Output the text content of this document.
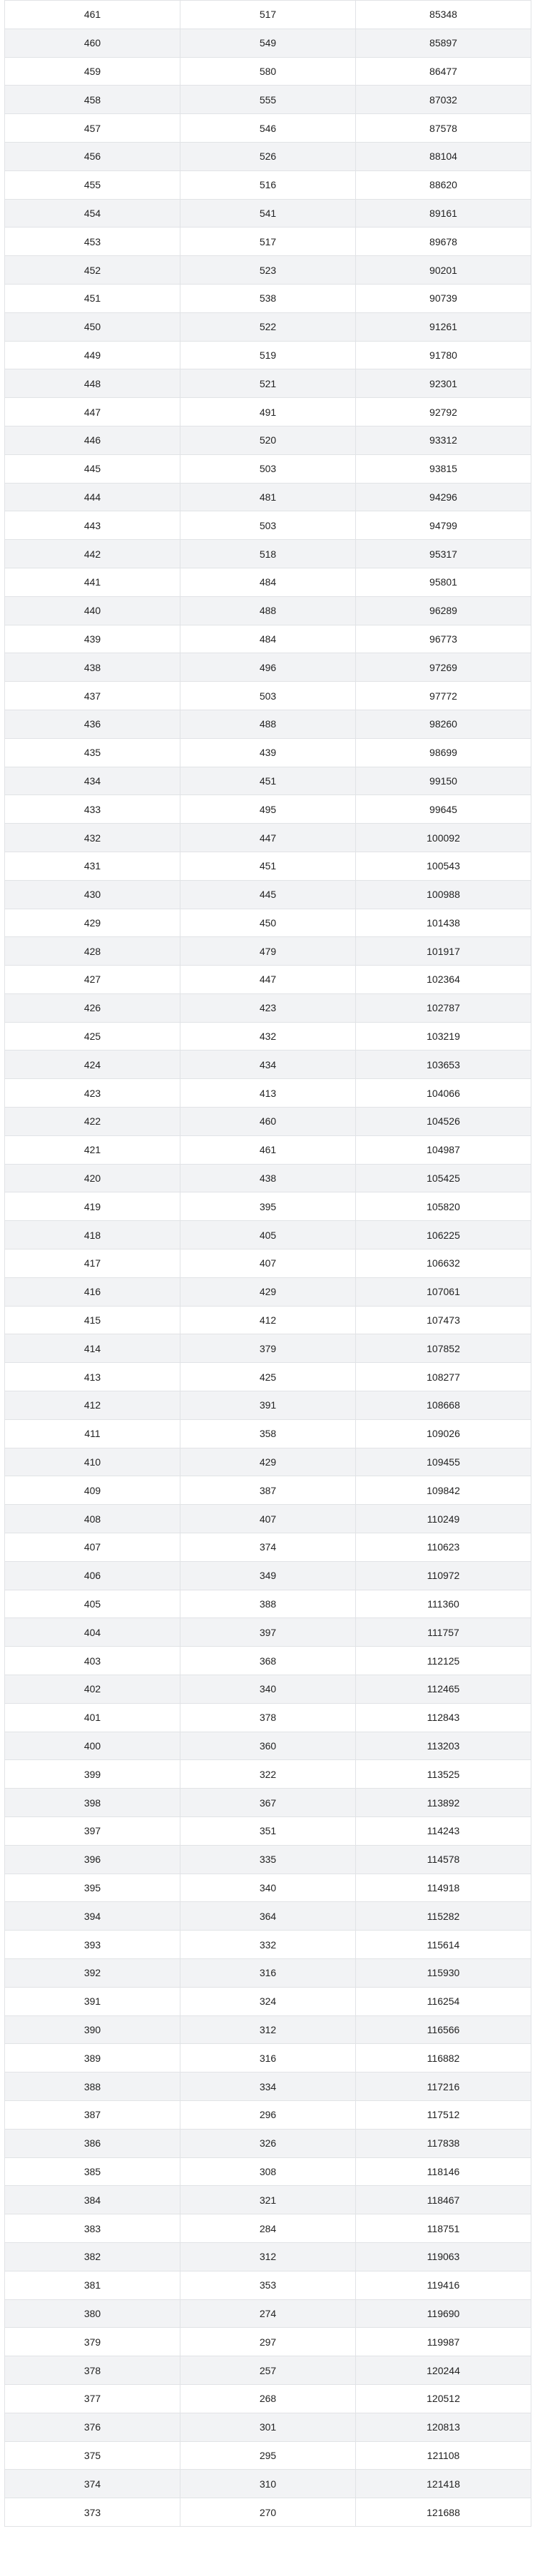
461	517	85348
460	549	85897
459	580	86477
458	555	87032
457	546	87578
456	526	88104
455	516	88620
454	541	89161
453	517	89678
452	523	90201
451	538	90739
450	522	91261
449	519	91780
448	521	92301
447	491	92792
446	520	93312
445	503	93815
444	481	94296
443	503	94799
442	518	95317
441	484	95801
440	488	96289
439	484	96773
438	496	97269
437	503	97772
436	488	98260
435	439	98699
434	451	99150
433	495	99645
432	447	100092
431	451	100543
430	445	100988
429	450	101438
428	479	101917
427	447	102364
426	423	102787
425	432	103219
424	434	103653
423	413	104066
422	460	104526
421	461	104987
420	438	105425
419	395	105820
418	405	106225
417	407	106632
416	429	107061
415	412	107473
414	379	107852
413	425	108277
412	391	108668
411	358	109026
410	429	109455
409	387	109842
408	407	110249
407	374	110623
406	349	110972
405	388	111360
404	397	111757
403	368	112125
402	340	112465
401	378	112843
400	360	113203
399	322	113525
398	367	113892
397	351	114243
396	335	114578
395	340	114918
394	364	115282
393	332	115614
392	316	115930
391	324	116254
390	312	116566
389	316	116882
388	334	117216
387	296	117512
386	326	117838
385	308	118146
384	321	118467
383	284	118751
382	312	119063
381	353	119416
380	274	119690
379	297	119987
378	257	120244
377	268	120512
376	301	120813
375	295	121108
374	310	121418
373	270	121688
